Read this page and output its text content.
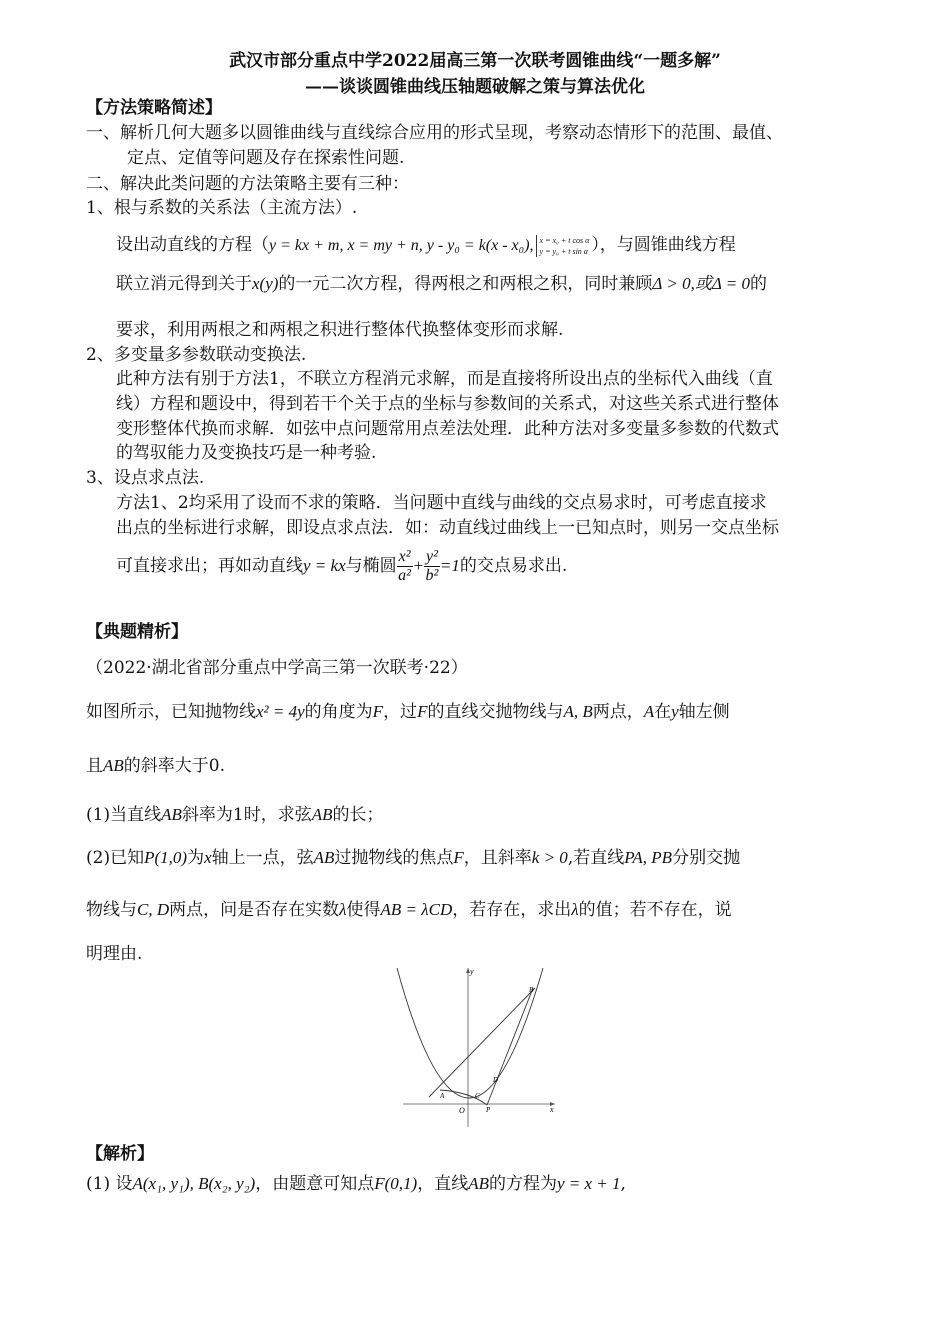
武汉市部分重点中学2022届高三第一次联考圆锥曲线“一题多解”
——谈谈圆锥曲线压轴题破解之策与算法优化
【方法策略简述】
一、解析几何大题多以圆锥曲线与直线综合应用的形式呈现，考察动态情形下的范围、最值、
定点、定值等问题及存在探索性问题.
二、解决此类问题的方法策略主要有三种：
1、根与系数的关系法（主流方法）.
设出动直线的方程（y = kx + m, x = my + n, y - y₀ = k(x - x₀), x = x₀ + t cos α
y = y₀ + t sin α ），与圆锥曲线方程
联立消元得到关于x(y)的一元二次方程，得两根之和两根之积，同时兼顾Δ > 0,或Δ = 0的
要求，利用两根之和两根之积进行整体代换整体变形而求解.
2、多变量多参数联动变换法.
此种方法有别于方法1，不联立方程消元求解，而是直接将所设出点的坐标代入曲线（直
线）方程和题设中，得到若干个关于点的坐标与参数间的关系式，对这些关系式进行整体
变形整体代换而求解．如弦中点问题常用点差法处理．此种方法对多变量多参数的代数式
的驾驭能力及变换技巧是一种考验.
3、设点求点法.
方法1、2均采用了设而不求的策略．当问题中直线与曲线的交点易求时，可考虑直接求
出点的坐标进行求解，即设点求点法．如：动直线过曲线上一已知点时，则另一交点坐标
可直接求出；再如动直线y = kx与椭圆 $\frac{\text{x²}}{\text{a²}} + \frac{\text{y²}}{\text{b²}} =1$的交点易求出.
【典题精析】
（2022·湖北省部分重点中学高三第一次联考·22）
如图所示，已知抛物线x² = 4y的角度为F，过F的直线交抛物线与A, B两点，A在y轴左侧
且AB的斜率大于0.
(1)当直线AB斜率为1时，求弦AB的长；
(2)已知P(1,0)为x轴上一点，弦AB过抛物线的焦点F，且斜率k > 0,若直线PA, PB分别交抛
物线与C, D两点，问是否存在实数λ使得AB = λCD，若存在，求出λ的值；若不存在，说
明理由.
x
y
O
A
B
C
D
P
【解析】
(1) 设A(x₁, y₁), B(x₂, y₂)，由题意可知点F(0,1)，直线AB的方程为y = x + 1,
